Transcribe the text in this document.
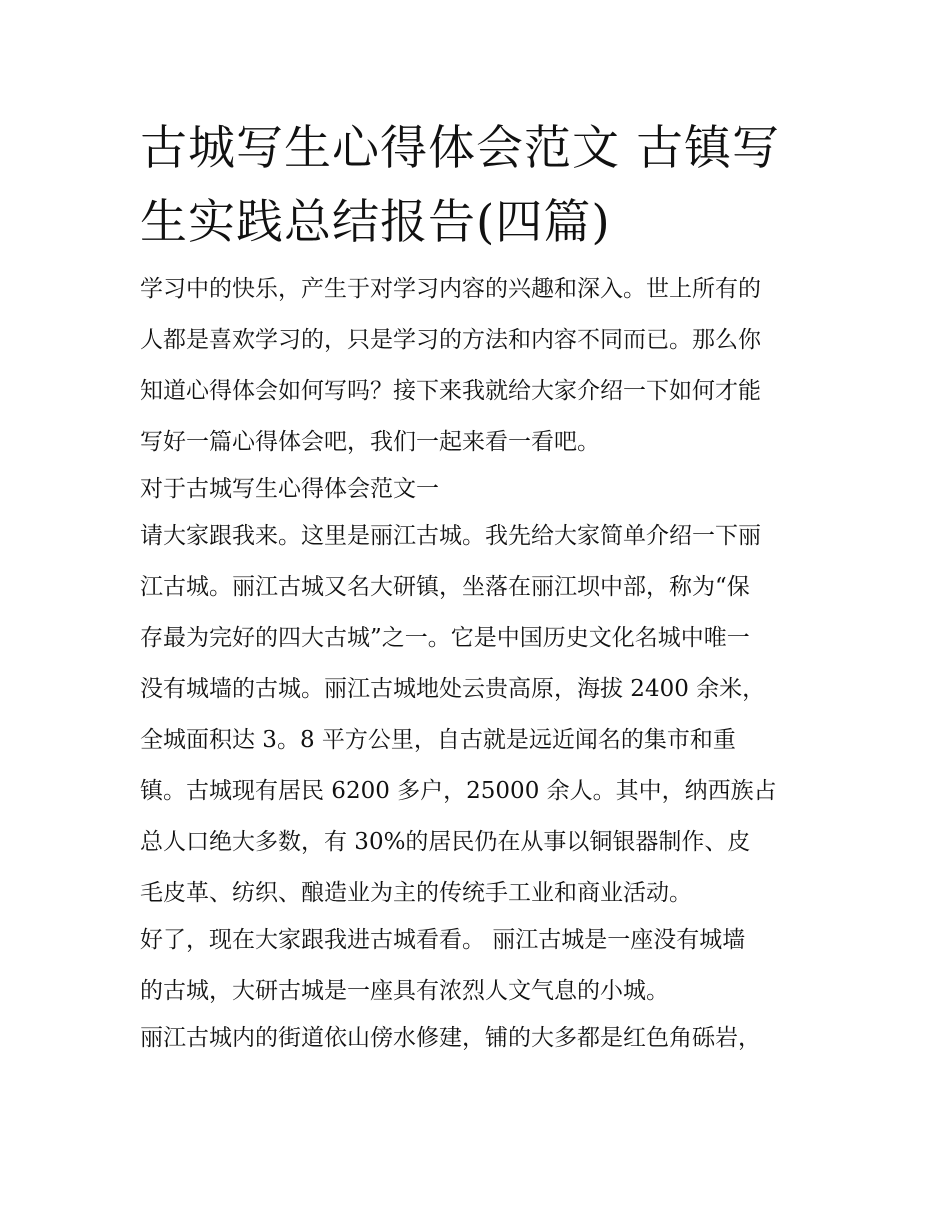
古城写生心得体会范文 古镇写
生实践总结报告(四篇)
学习中的快乐，产生于对学习内容的兴趣和深入。世上所有的
人都是喜欢学习的，只是学习的方法和内容不同而已。那么你
知道心得体会如何写吗？接下来我就给大家介绍一下如何才能
写好一篇心得体会吧，我们一起来看一看吧。
对于古城写生心得体会范文一
请大家跟我来。这里是丽江古城。我先给大家简单介绍一下丽
江古城。丽江古城又名大研镇，坐落在丽江坝中部，称为“保
存最为完好的四大古城”之一。它是中国历史文化名城中唯一
没有城墙的古城。丽江古城地处云贵高原，海拔 2400 余米，
全城面积达 3。8 平方公里，自古就是远近闻名的集市和重
镇。古城现有居民 6200 多户，25000 余人。其中，纳西族占
总人口绝大多数，有 30%的居民仍在从事以铜银器制作、皮
毛皮革、纺织、酿造业为主的传统手工业和商业活动。
好了，现在大家跟我进古城看看。 丽江古城是一座没有城墙
的古城，大研古城是一座具有浓烈人文气息的小城。
丽江古城内的街道依山傍水修建，铺的大多都是红色角砾岩，
